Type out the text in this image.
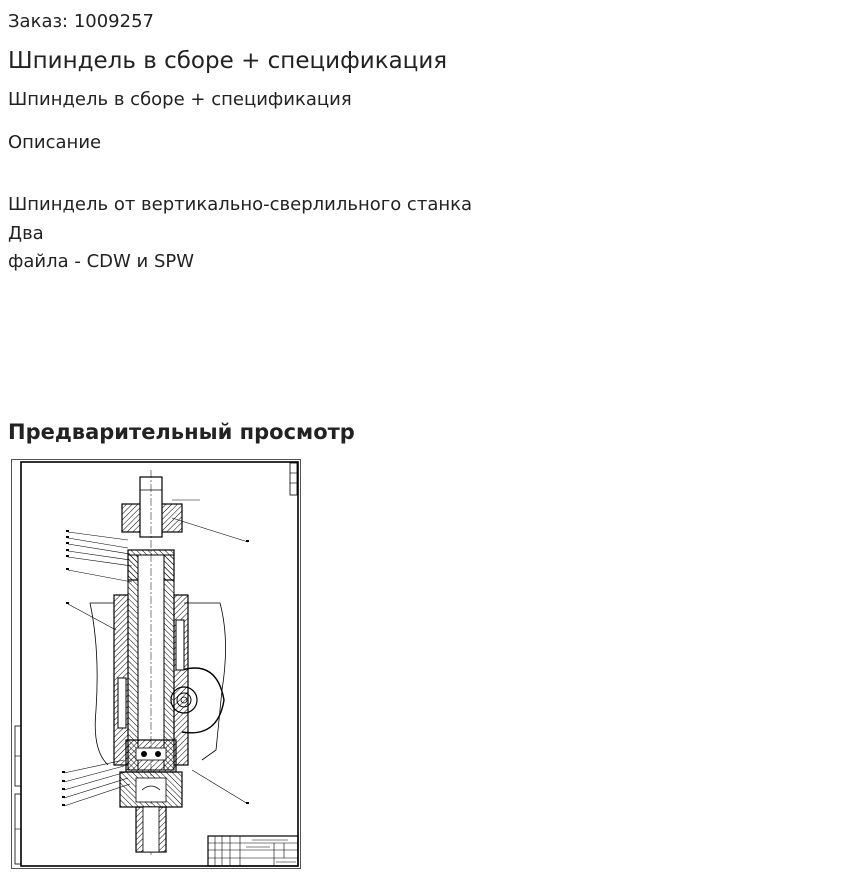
Заказ: 1009257
Шпиндель в сборе + спецификация
Шпиндель в сборе + спецификация
Описание
Шпиндель от вертикально-сверлильного станка
Два
файла - CDW и SPW
Предварительный просмотр
